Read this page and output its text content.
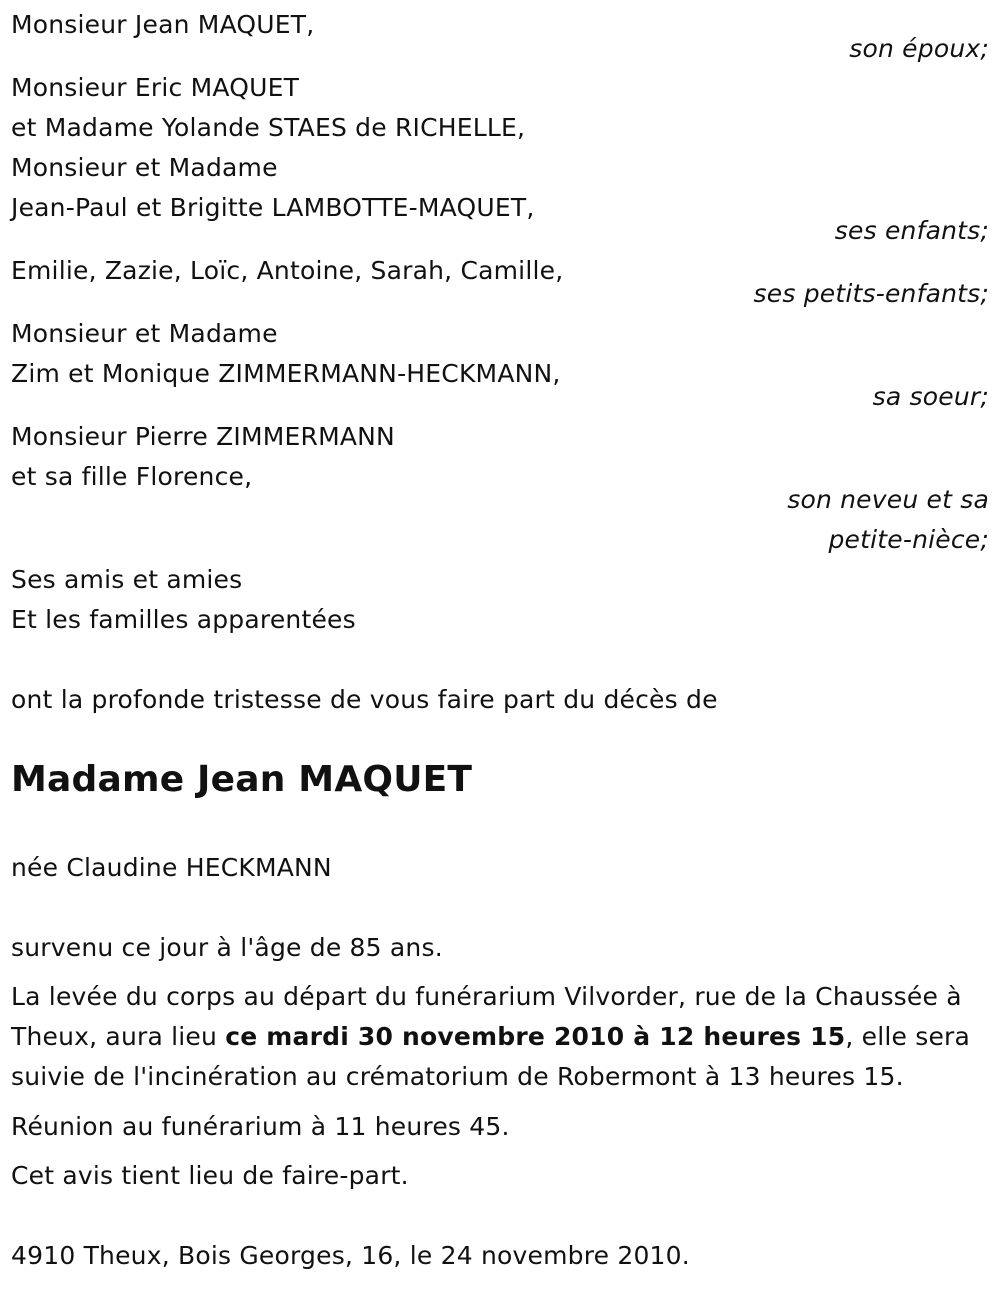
Monsieur Jean MAQUET,
son époux;
Monsieur Eric MAQUET
et Madame Yolande STAES de RICHELLE,
Monsieur et Madame
Jean-Paul et Brigitte LAMBOTTE-MAQUET,
ses enfants;
Emilie, Zazie, Loïc, Antoine, Sarah, Camille,
ses petits-enfants;
Monsieur et Madame
Zim et Monique ZIMMERMANN-HECKMANN,
sa soeur;
Monsieur Pierre ZIMMERMANN
et sa fille Florence,
son neveu et sa
petite-nièce;
Ses amis et amies
Et les familles apparentées
ont la profonde tristesse de vous faire part du décès de
Madame Jean MAQUET
née Claudine HECKMANN
survenu ce jour à l'âge de 85 ans.
La levée du corps au départ du funérarium Vilvorder, rue de la Chaussée à Theux, aura lieu ce mardi 30 novembre 2010 à 12 heures 15, elle sera suivie de l'incinération au crématorium de Robermont à 13 heures 15.
Réunion au funérarium à 11 heures 45.
Cet avis tient lieu de faire-part.
4910 Theux, Bois Georges, 16, le 24 novembre 2010.
